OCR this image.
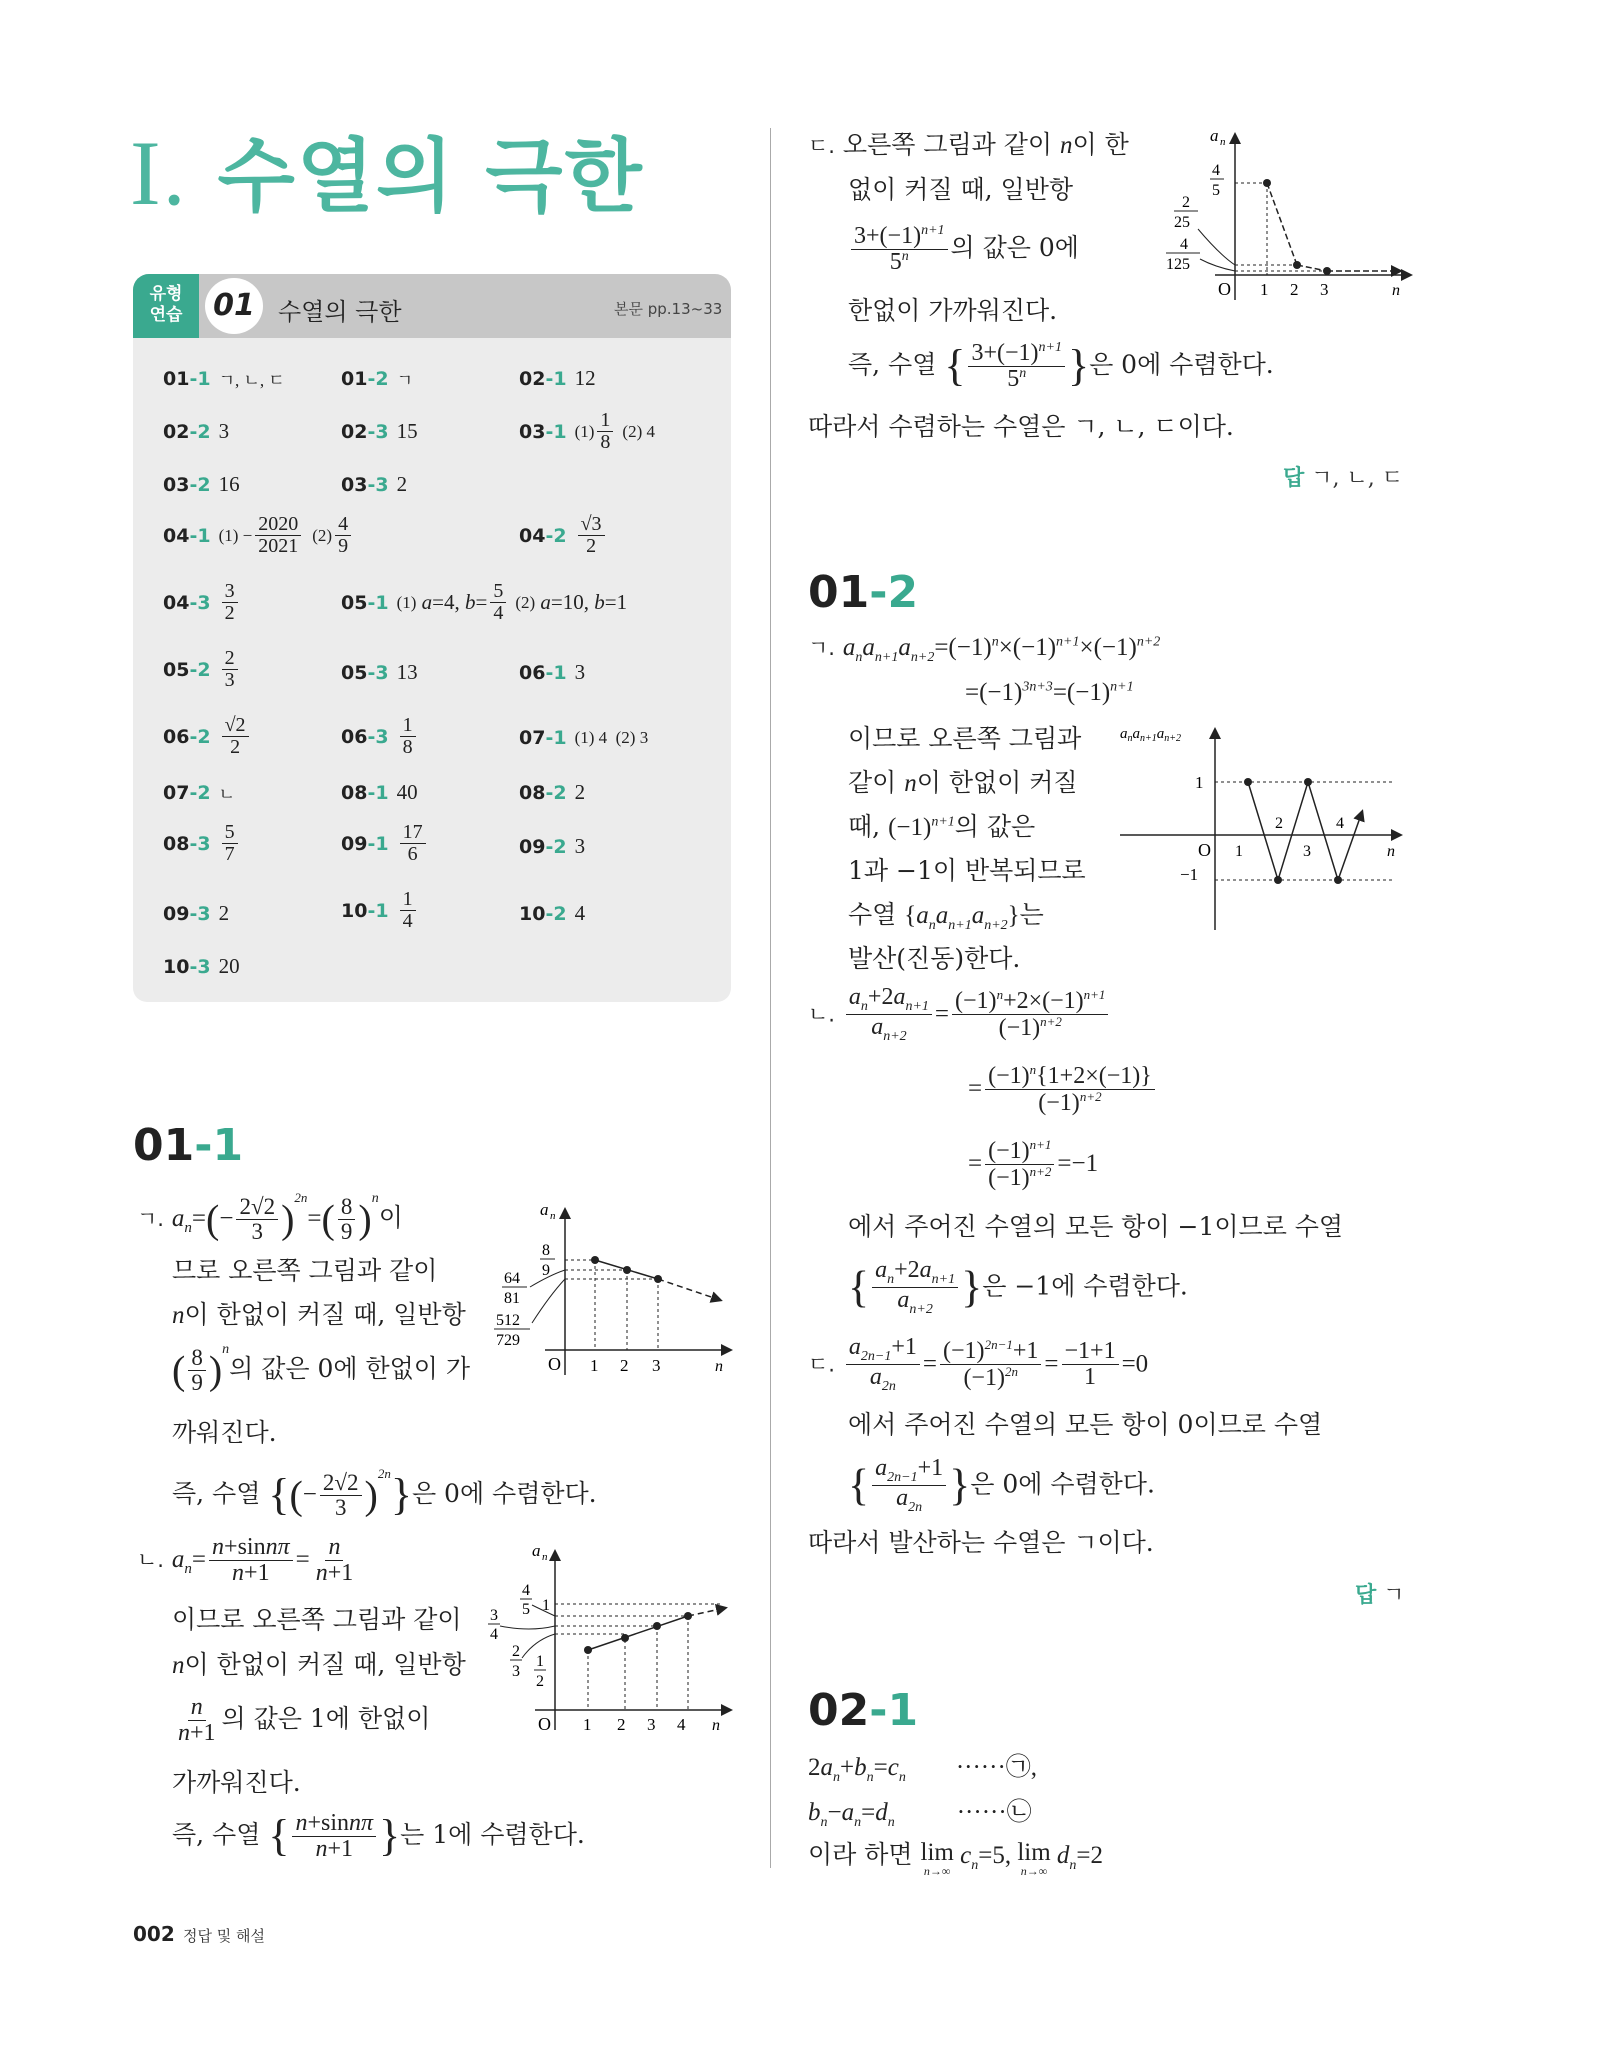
I. 수열의 극한
유형
연습	01 수열의 극한	본문 pp.13~33
01-1 ㄱ, ㄴ, ㄷ	01-2 ㄱ	02-1 12
02-2 3	02-3 15	03-1 $(1) \frac{1}{8} (2)$ 4
03-2 16	03-3 2
04-1 $(1) - \frac{2020}{2021} (2) \frac{4}{9}$	$04-2 \frac{√3}{2}$
$04-3 \frac{3}{2}$	05-1 (1) a=4, $b= \frac{5}{4} (2)$ a=10, b=1
$05-2 \frac{2}{3}$	05-3 13	06-1 3
$06-2 \frac{√2}{2}$	$06-3 \frac{1}{8}$	07-1 (1) 4  (2) 3
07-2 ㄴ	08-1 40	08-2 2
$08-3 \frac{5}{7}$	$09-1 \frac{17}{6}$	09-2 3
09-3 2	$10-1 \frac{1}{4}$	10-2 4
10-3 20
01-1
ㄱ. $a_n=(- \frac{2√2}{3} )^{2n}=( \frac{8}{9} )^n$이
므로 오른쪽 그림과 같이
n이 한없이 커질 때, 일반항
( $\frac{8}{9} )^n$의 값은 0에 한없이 가
까워진다.
즉, 수열 {(− $\frac{2√2}{3} )^{2n}$}은 0에 수렴한다.
a n
O 1 2 3	n
8
9
64
81
512
729
ㄴ. $a_n= \frac{n+\sin n\pi}{n+1} = \frac{n}{n+1}$
이므로 오른쪽 그림과 같이
n이 한없이 커질 때, 일반항
$\frac{n}{n+1}$ 의 값은 1에 한없이
가까워진다.
즉, 수열 { $\frac{n+\sin n\pi}{n+1}$ }는 1에 수렴한다.
a n
O 1 2 3 4 n
4
5 1
3
4
2
3
1
2
ㄷ. 오른쪽 그림과 같이 n이 한
없이 커질 때, 일반항
$\frac{3+(-1)^{n+1}}{5^n}$ 의 값은 0에
한없이 가까워진다.
즉, 수열 { $\frac{3+(-1)^{n+1}}{5^n}$ }은 0에 수렴한다.
따라서 수렴하는 수열은 ㄱ, ㄴ, ㄷ이다.
답 ㄱ, ㄴ, ㄷ
a n
O 1 2 3	n
4
5
2
25
4
125
01-2
ㄱ. $a_na_{n+1}a_{n+2}=(-1)^n\times(-1)^{n+1}\times(-1)^{n+2}$
$=(-1)^{3n+3}=(-1)^{n+1}$
이므로 오른쪽 그림과
같이 n이 한없이 커질
때, $(-1)^{n+1}$의 값은
1과 −1이 반복되므로
수열 $\{a_na_{n+1}a_{n+2}\}$는
발산(진동)한다.
$a_na_{n+1}a_{n+2}$
1
−1
O 1
2
3
4
n
ㄴ. $\frac{a_n+2a_{n+1}}{a_{n+2}} = \frac{(-1)^n+2\times(-1)^{n+1}}{(-1)^{n+2}}$
= $\frac{(-1)^n\{1+2\times(-1)\}}{(-1)^{n+2}}$
= $\frac{(-1)^{n+1}}{(-1)^{n+2}} =-1$
에서 주어진 수열의 모든 항이 −1이므로 수열
{ $\frac{a_n+2a_{n+1}}{a_{n+2}}$ }은 −1에 수렴한다.
ㄷ. $\frac{a_{2n-1}+1}{a_{2n}} = \frac{(-1)^{2n-1}+1}{(-1)^{2n}} = \frac{-1+1}{1} =0$
에서 주어진 수열의 모든 항이 0이므로 수열
{ $\frac{a_{2n-1}+1}{a_{2n}}$ }은 0에 수렴한다.
따라서 발산하는 수열은 ㄱ이다.
답 ㄱ
02-1
$2a_n+b_n=c_n$ ······㉠,
$b_n-a_n=d_n$ ······㉡
이라 하면 lim
n→∞
$c_n=5$, lim
n→∞
$d_n=2$
002 정답 및 해설
